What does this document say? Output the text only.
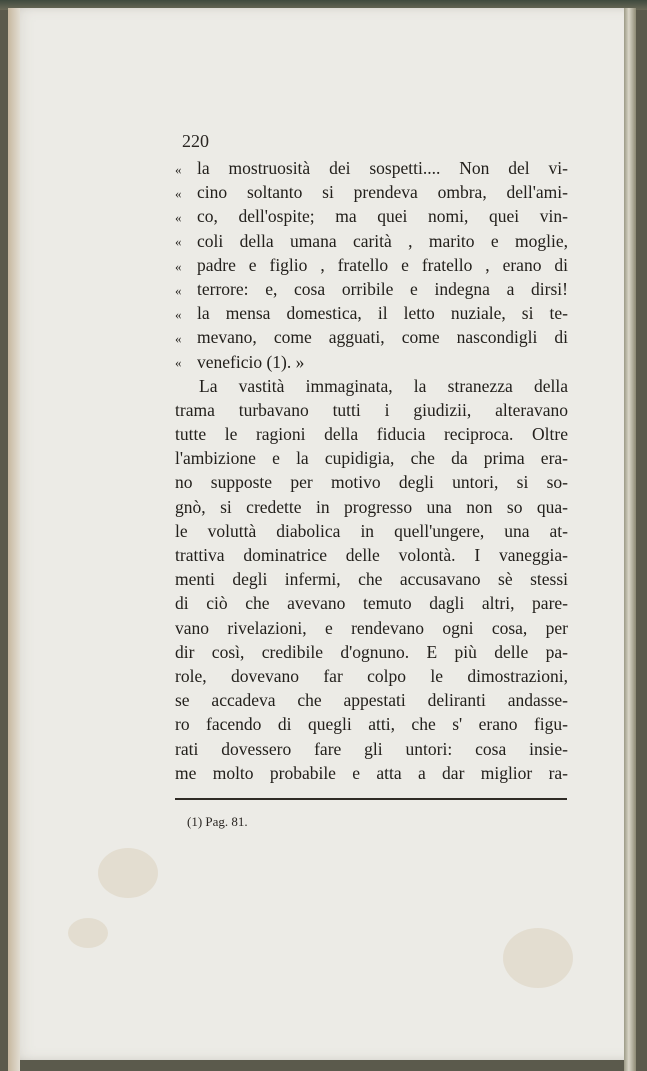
220
« la mostruosità dei sospetti.... Non del vi-
« cino soltanto si prendeva ombra, dell'ami-
« co, dell'ospite; ma quei nomi, quei vin-
« coli della umana carità , marito e moglie,
« padre e figlio , fratello e fratello , erano di
« terrore: e, cosa orribile e indegna a dirsi!
« la mensa domestica, il letto nuziale, si te-
« mevano, come agguati, come nascondigli di
« veneficio (1). »
La vastità immaginata, la stranezza della
trama turbavano tutti i giudizii, alteravano
tutte le ragioni della fiducia reciproca. Oltre
l'ambizione e la cupidigia, che da prima era-
no supposte per motivo degli untori, si so-
gnò, si credette in progresso una non so qua-
le voluttà diabolica in quell'ungere, una at-
trattiva dominatrice delle volontà. I vaneggia-
menti degli infermi, che accusavano sè stessi
di ciò che avevano temuto dagli altri, pare-
vano rivelazioni, e rendevano ogni cosa, per
dir così, credibile d'ognuno. E più delle pa-
role, dovevano far colpo le dimostrazioni,
se accadeva che appestati deliranti andasse-
ro facendo di quegli atti, che s' erano figu-
rati dovessero fare gli untori: cosa insie-
me molto probabile e atta a dar miglior ra-
(1) Pag. 81.
